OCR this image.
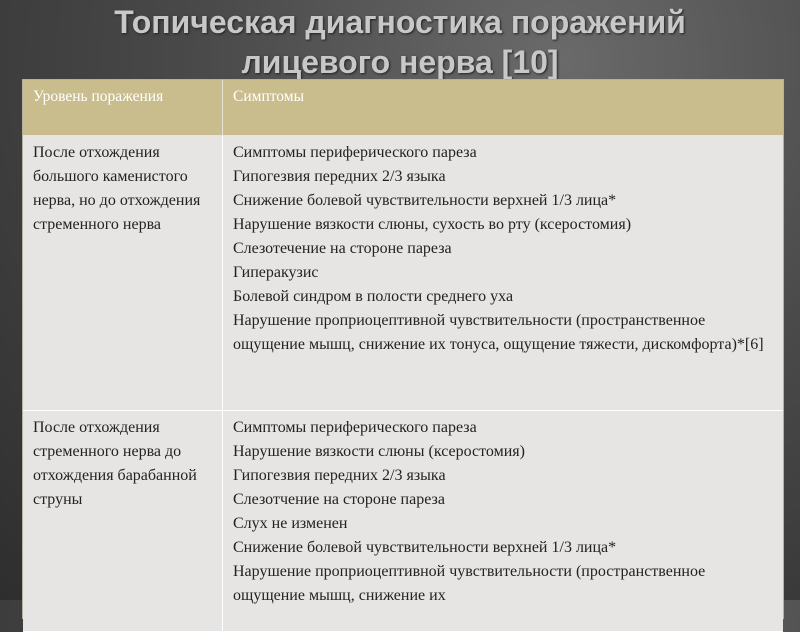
Топическая диагностика поражений
лицевого нерва [10]
Уровень поражения	Симптомы
После отхождения большого каменистого нерва, но до отхождения стременного нерва
Симптомы периферического пареза
Гипогезвия передних 2/3 языка
Снижение болевой чувствительности верхней 1/3 лица*
Нарушение вязкости слюны, сухость во рту (ксеростомия)
Слезотечение на стороне пареза
Гиперакузис
Болевой синдром в полости среднего уха
Нарушение проприоцептивной чувствительности (пространственное ощущение мышц, снижение их тонуса, ощущение тяжести, дискомфорта)*[6]
После отхождения стременного нерва до отхождения барабанной струны
Симптомы периферического пареза
Нарушение вязкости слюны (ксеростомия)
Гипогезвия передних 2/3 языка
Слезотчение на стороне пареза
Слух не изменен
Снижение болевой чувствительности верхней 1/3 лица*
Нарушение проприоцептивной чувствительности (пространственное ощущение мышц, снижение их
